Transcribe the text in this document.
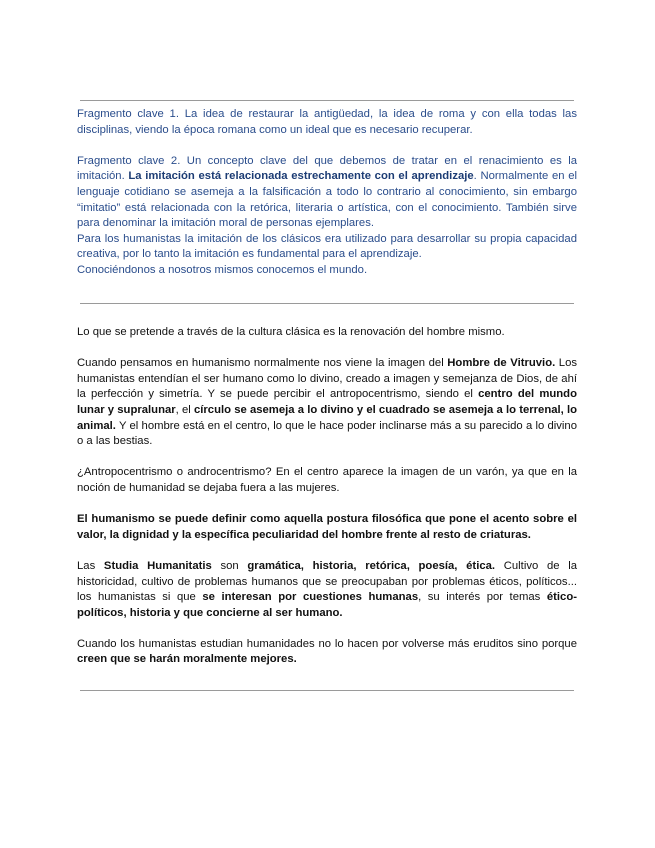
Fragmento clave 1. La idea de restaurar la antigüedad, la idea de roma y con ella todas las disciplinas, viendo la época romana como un ideal que es necesario recuperar.

Fragmento clave 2. Un concepto clave del que debemos de tratar en el renacimiento es la imitación. La imitación está relacionada estrechamente con el aprendizaje. Normalmente en el lenguaje cotidiano se asemeja a la falsificación a todo lo contrario al conocimiento, sin embargo “imitatio” está relacionada con la retórica, literaria o artística, con el conocimiento. También sirve para denominar la imitación moral de personas ejemplares.

Para los humanistas la imitación de los clásicos era utilizado para desarrollar su propia capacidad creativa, por lo tanto la imitación es fundamental para el aprendizaje.

Conociéndonos a nosotros mismos conocemos el mundo.

Lo que se pretende a través de la cultura clásica es la renovación del hombre mismo.

Cuando pensamos en humanismo normalmente nos viene la imagen del Hombre de Vitruvio. Los humanistas entendían el ser humano como lo divino, creado a imagen y semejanza de Dios, de ahí la perfección y simetría. Y se puede percibir el antropocentrismo, siendo el centro del mundo lunar y supralunar, el círculo se asemeja a lo divino y el cuadrado se asemeja a lo terrenal, lo animal. Y el hombre está en el centro, lo que le hace poder inclinarse más a su parecido a lo divino o a las bestias.

¿Antropocentrismo o androcentrismo? En el centro aparece la imagen de un varón, ya que en la noción de humanidad se dejaba fuera a las mujeres.

El humanismo se puede definir como aquella postura filosófica que pone el acento sobre el valor, la dignidad y la específica peculiaridad del hombre frente al resto de criaturas.

Las Studia Humanitatis son gramática, historia, retórica, poesía, ética. Cultivo de la historicidad, cultivo de problemas humanos que se preocupaban por problemas éticos, políticos... los humanistas si que se interesan por cuestiones humanas, su interés por temas ético- políticos, historia y que concierne al ser humano.

Cuando los humanistas estudian humanidades no lo hacen por volverse más eruditos sino porque creen que se harán moralmente mejores.
